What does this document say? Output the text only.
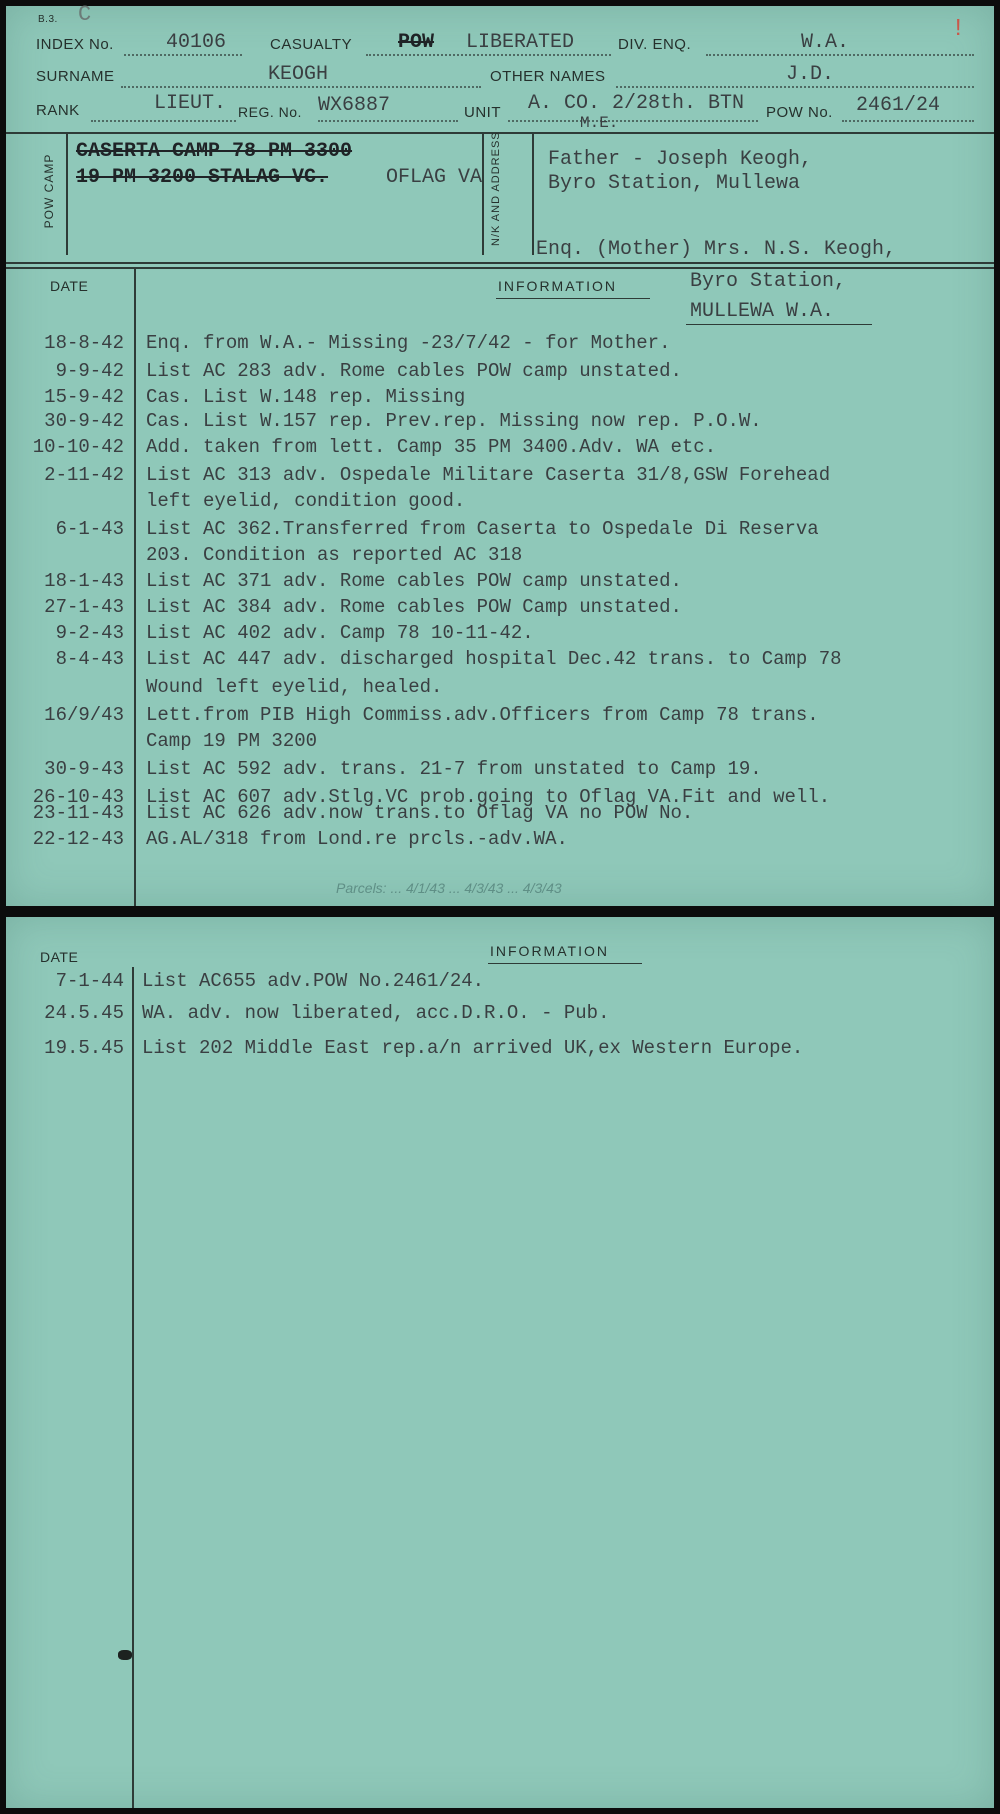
B.3. C
!
INDEX No.	40106	CASUALTY POW LIBERATED	DIV. ENQ.	W.A.
SURNAME	KEOGH	OTHER NAMES	J.D.
RANK	LIEUT. REG. No. WX6887	UNIT A. CO. 2/28th. BTN
M.E.
POW No. 2461/24
POW CAMP
CASERTA CAMP 78 PM 3300
19 PM 3200 STALAG VC.	OFLAG VA N/K AND ADDRESS Father - Joseph Keogh,
Byro Station, Mullewa
Enq. (Mother) Mrs. N.S. Keogh,
DATE	INFORMATION	Byro Station,
MULLEWA W.A.
18-8-42 Enq. from W.A.- Missing -23/7/42 - for Mother.
9-9-42 List AC 283 adv. Rome cables POW camp unstated.
15-9-42 Cas. List W.148 rep. Missing
30-9-42 Cas. List W.157 rep. Prev.rep. Missing now rep. P.O.W.
10-10-42 Add. taken from lett. Camp 35 PM 3400.Adv. WA etc.
2-11-42 List AC 313 adv. Ospedale Militare Caserta 31/8,GSW Forehead
left eyelid, condition good.
6-1-43 List AC 362.Transferred from Caserta to Ospedale Di Reserva
203. Condition as reported AC 318
18-1-43 List AC 371 adv. Rome cables POW camp unstated.
27-1-43 List AC 384 adv. Rome cables POW Camp unstated.
9-2-43 List AC 402 adv. Camp 78 10-11-42.
8-4-43 List AC 447 adv. discharged hospital Dec.42 trans. to Camp 78
Wound left eyelid, healed.
16/9/43 Lett.from PIB High Commiss.adv.Officers from Camp 78 trans.
Camp 19 PM 3200
30-9-43 List AC 592 adv. trans. 21-7 from unstated to Camp 19.
26-10-43 List AC 607 adv.Stlg.VC prob.going to Oflag VA.Fit and well.
23-11-43 List AC 626 adv.now trans.to Oflag VA no POW No.
22-12-43 AG.AL/318 from Lond.re prcls.-adv.WA.
Parcels: ... 4/1/43 ... 4/3/43 ... 4/3/43
DATE	INFORMATION
7-1-44 List AC655 adv.POW No.2461/24.
24.5.45 WA. adv. now liberated, acc.D.R.O. - Pub.
19.5.45 List 202 Middle East rep.a/n arrived UK,ex Western Europe.
